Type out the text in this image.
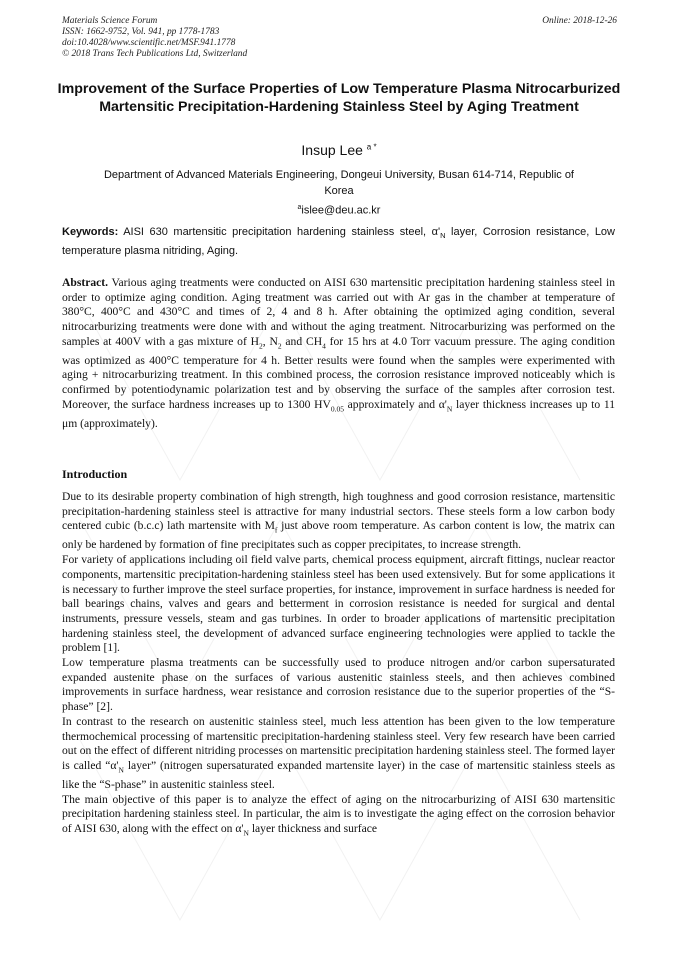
Materials Science Forum
ISSN: 1662-9752, Vol. 941, pp 1778-1783
doi:10.4028/www.scientific.net/MSF.941.1778
© 2018 Trans Tech Publications Ltd, Switzerland
Online: 2018-12-26
Improvement of the Surface Properties of Low Temperature Plasma Nitrocarburized Martensitic Precipitation-Hardening Stainless Steel by Aging Treatment
Insup Lee $^{a *}$
Department of Advanced Materials Engineering, Dongeui University, Busan 614-714, Republic of Korea
$^a$islee@deu.ac.kr
Keywords: AISI 630 martensitic precipitation hardening stainless steel, $\alpha'_N$ layer, Corrosion resistance, Low temperature plasma nitriding, Aging.
Abstract. Various aging treatments were conducted on AISI 630 martensitic precipitation hardening stainless steel in order to optimize aging condition. Aging treatment was carried out with Ar gas in the chamber at temperature of 380°C, 400°C and 430°C and times of 2, 4 and 8 h. After obtaining the optimized aging condition, several nitrocarburizing treatments were done with and without the aging treatment. Nitrocarburizing was performed on the samples at 400V with a gas mixture of $H_2$, $N_2$ and $CH_4$ for 15 hrs at 4.0 Torr vacuum pressure. The aging condition was optimized as 400°C temperature for 4 h. Better results were found when the samples were experimented with aging + nitrocarburizing treatment. In this combined process, the corrosion resistance improved noticeably which is confirmed by potentiodynamic polarization test and by observing the surface of the samples after corrosion test. Moreover, the surface hardness increases up to 1300 $HV_{0.05}$ approximately and $\alpha'_N$ layer thickness increases up to 11 μm (approximately).
Introduction

Due to its desirable property combination of high strength, high toughness and good corrosion resistance, martensitic precipitation-hardening stainless steel is attractive for many industrial sectors. These steels form a low carbon body centered cubic (b.c.c) lath martensite with $M_f$ just above room temperature. As carbon content is low, the matrix can only be hardened by formation of fine precipitates such as copper precipitates, to increase strength.

For variety of applications including oil field valve parts, chemical process equipment, aircraft fittings, nuclear reactor components, martensitic precipitation-hardening stainless steel has been used extensively. But for some applications it is necessary to further improve the steel surface properties, for instance, improvement in surface hardness is needed for ball bearings chains, valves and gears and betterment in corrosion resistance is needed for surgical and dental instruments, pressure vessels, steam and gas turbines. In order to broader applications of martensitic precipitation hardening stainless steel, the development of advanced surface engineering technologies were applied to tackle the problem [1].

Low temperature plasma treatments can be successfully used to produce nitrogen and/or carbon supersaturated expanded austenite phase on the surfaces of various austenitic stainless steels, and then achieves combined improvements in surface hardness, wear resistance and corrosion resistance due to the superior properties of the “S-phase” [2].

In contrast to the research on austenitic stainless steel, much less attention has been given to the low temperature thermochemical processing of martensitic precipitation-hardening stainless steel. Very few research have been carried out on the effect of different nitriding processes on martensitic precipitation hardening stainless steel. The formed layer is called “$\alpha'_N$ layer” (nitrogen supersaturated expanded martensite layer) in the case of martensitic stainless steels as like the “S-phase” in austenitic stainless steel.

The main objective of this paper is to analyze the effect of aging on the nitrocarburizing of AISI 630 martensitic precipitation hardening stainless steel. In particular, the aim is to investigate the aging effect on the corrosion behavior of AISI 630, along with the effect on $\alpha'_N$ layer thickness and surface
